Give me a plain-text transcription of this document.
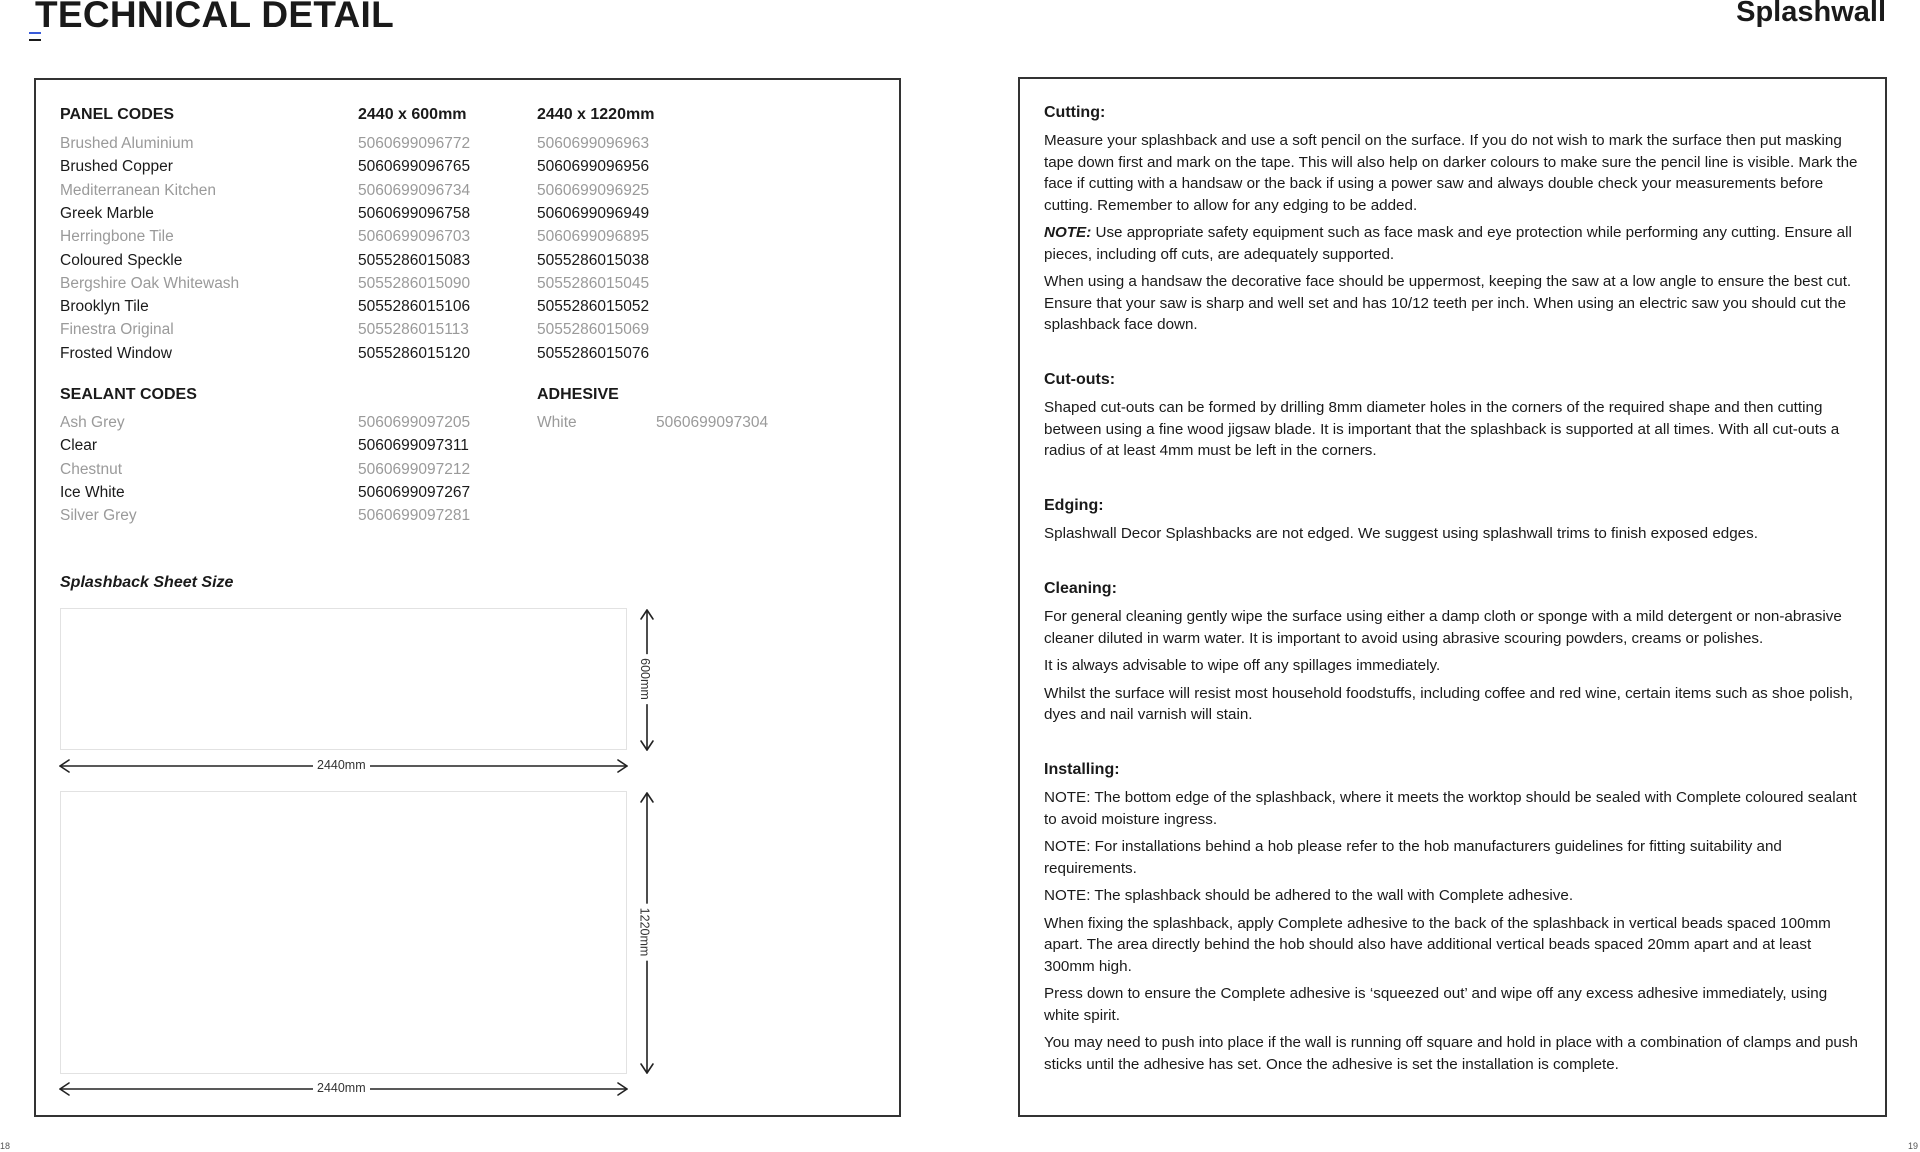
TECHNICAL DETAIL	Splashwall
PANEL CODES	2440 x 600mm	2440 x 1220mm
SEALANT CODES	ADHESIVE
White	5060699097304
Splashback Sheet Size
2440mm
600mm
1220mm
2440mm
Brushed Aluminium	5060699096772	5060699096963
Brushed Copper	5060699096765	5060699096956
Mediterranean Kitchen	5060699096734	5060699096925
Greek Marble	5060699096758	5060699096949
Herringbone Tile	5060699096703	5060699096895
Coloured Speckle	5055286015083	5055286015038
Bergshire Oak Whitewash	5055286015090	5055286015045
Brooklyn Tile	5055286015106	5055286015052
Finestra Original	5055286015113	5055286015069
Frosted Window	5055286015120	5055286015076
Ash Grey	5060699097205
Clear	5060699097311
Chestnut	5060699097212
Ice White	5060699097267
Silver Grey	5060699097281
Cutting:

Measure your splashback and use a soft pencil on the surface. If you do not wish to mark the surface then put masking tape down first and mark on the tape. This will also help on darker colours to make sure the pencil line is visible. Mark the face if cutting with a handsaw or the back if using a power saw and always double check your measurements before cutting. Remember to allow for any edging to be added.

NOTE: Use appropriate safety equipment such as face mask and eye protection while performing any cutting. Ensure all pieces, including off cuts, are adequately supported.

When using a handsaw the decorative face should be uppermost, keeping the saw at a low angle to ensure the best cut. Ensure that your saw is sharp and well set and has 10/12 teeth per inch. When using an electric saw you should cut the splashback face down.

Cut-outs:

Shaped cut-outs can be formed by drilling 8mm diameter holes in the corners of the required shape and then cutting between using a fine wood jigsaw blade. It is important that the splashback is supported at all times. With all cut-outs a radius of at least 4mm must be left in the corners.

Edging:

Splashwall Decor Splashbacks are not edged. We suggest using splashwall trims to finish exposed edges.

Cleaning:

For general cleaning gently wipe the surface using either a damp cloth or sponge with a mild detergent or non-abrasive cleaner diluted in warm water. It is important to avoid using abrasive scouring powders, creams or polishes.

It is always advisable to wipe off any spillages immediately.

Whilst the surface will resist most household foodstuffs, including coffee and red wine, certain items such as shoe polish, dyes and nail varnish will stain.

Installing:

NOTE: The bottom edge of the splashback, where it meets the worktop should be sealed with Complete coloured sealant to avoid moisture ingress.

NOTE: For installations behind a hob please refer to the hob manufacturers guidelines for fitting suitability and requirements.

NOTE: The splashback should be adhered to the wall with Complete adhesive.

When fixing the splashback, apply Complete adhesive to the back of the splashback in vertical beads spaced 100mm apart. The area directly behind the hob should also have additional vertical beads spaced 20mm apart and at least 300mm high.

Press down to ensure the Complete adhesive is ‘squeezed out’ and wipe off any excess adhesive immediately, using white spirit.

You may need to push into place if the wall is running off square and hold in place with a combination of clamps and push sticks until the adhesive has set. Once the adhesive is set the installation is complete.

18	19
